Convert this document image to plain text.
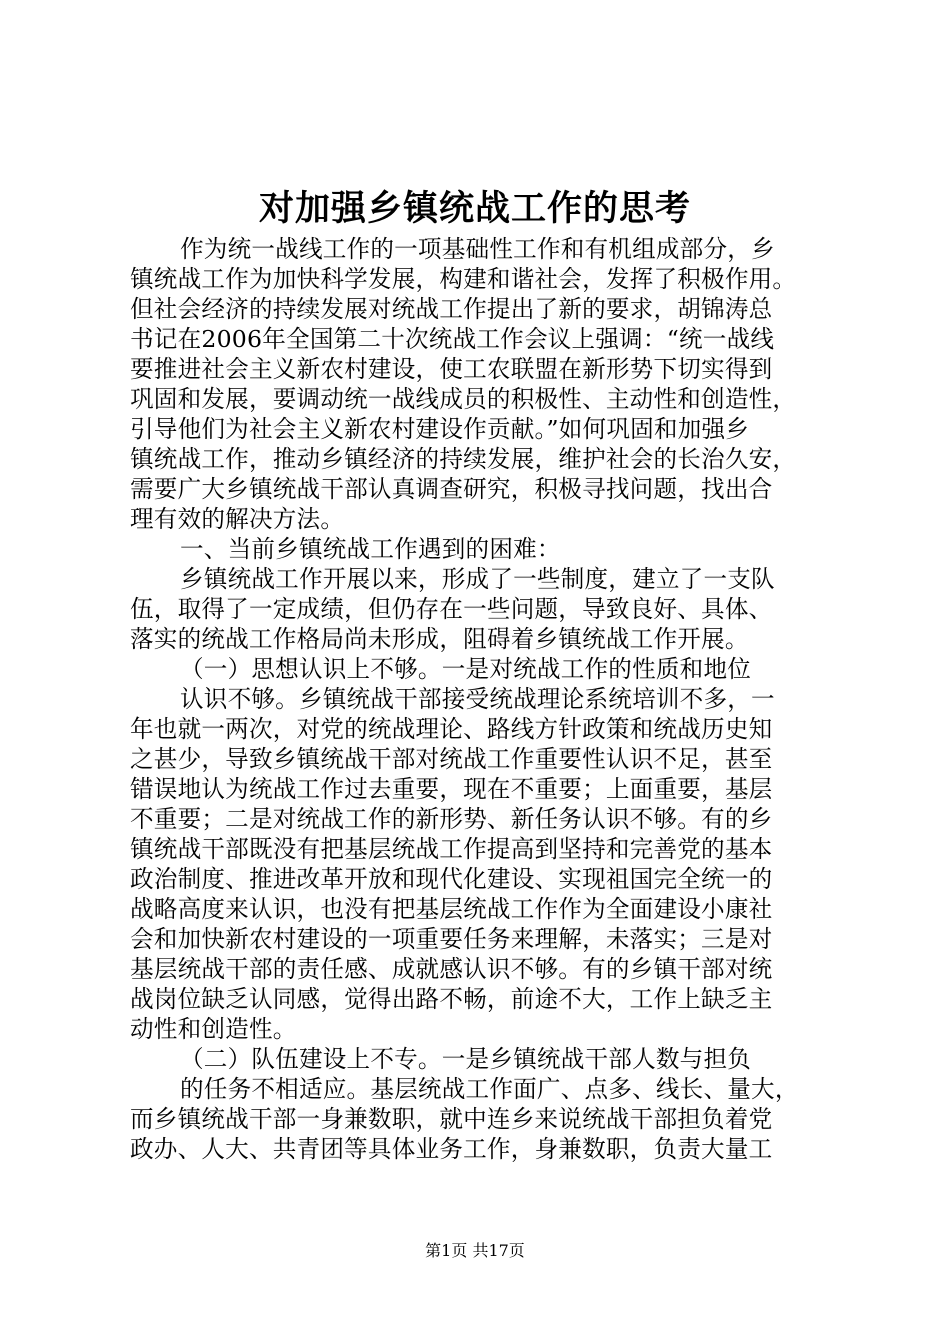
对加强乡镇统战工作的思考
作为统一战线工作的一项基础性工作和有机组成部分，乡
镇统战工作为加快科学发展，构建和谐社会，发挥了积极作用。
但社会经济的持续发展对统战工作提出了新的要求，胡锦涛总
书记在2006年全国第二十次统战工作会议上强调：“统一战线
要推进社会主义新农村建设，使工农联盟在新形势下切实得到
巩固和发展，要调动统一战线成员的积极性、主动性和创造性，
引导他们为社会主义新农村建设作贡献。”如何巩固和加强乡
镇统战工作，推动乡镇经济的持续发展，维护社会的长治久安，
需要广大乡镇统战干部认真调查研究，积极寻找问题，找出合
理有效的解决方法。
一、当前乡镇统战工作遇到的困难：
乡镇统战工作开展以来，形成了一些制度，建立了一支队
伍，取得了一定成绩，但仍存在一些问题，导致良好、具体、
落实的统战工作格局尚未形成，阻碍着乡镇统战工作开展。
（一）思想认识上不够。一是对统战工作的性质和地位
认识不够。乡镇统战干部接受统战理论系统培训不多，一
年也就一两次，对党的统战理论、路线方针政策和统战历史知
之甚少，导致乡镇统战干部对统战工作重要性认识不足，甚至
错误地认为统战工作过去重要，现在不重要；上面重要，基层
不重要；二是对统战工作的新形势、新任务认识不够。有的乡
镇统战干部既没有把基层统战工作提高到坚持和完善党的基本
政治制度、推进改革开放和现代化建设、实现祖国完全统一的
战略高度来认识，也没有把基层统战工作作为全面建设小康社
会和加快新农村建设的一项重要任务来理解，未落实；三是对
基层统战干部的责任感、成就感认识不够。有的乡镇干部对统
战岗位缺乏认同感，觉得出路不畅，前途不大，工作上缺乏主
动性和创造性。
（二）队伍建设上不专。一是乡镇统战干部人数与担负
的任务不相适应。基层统战工作面广、点多、线长、量大，
而乡镇统战干部一身兼数职，就中连乡来说统战干部担负着党
政办、人大、共青团等具体业务工作，身兼数职，负责大量工
第1页 共17页
